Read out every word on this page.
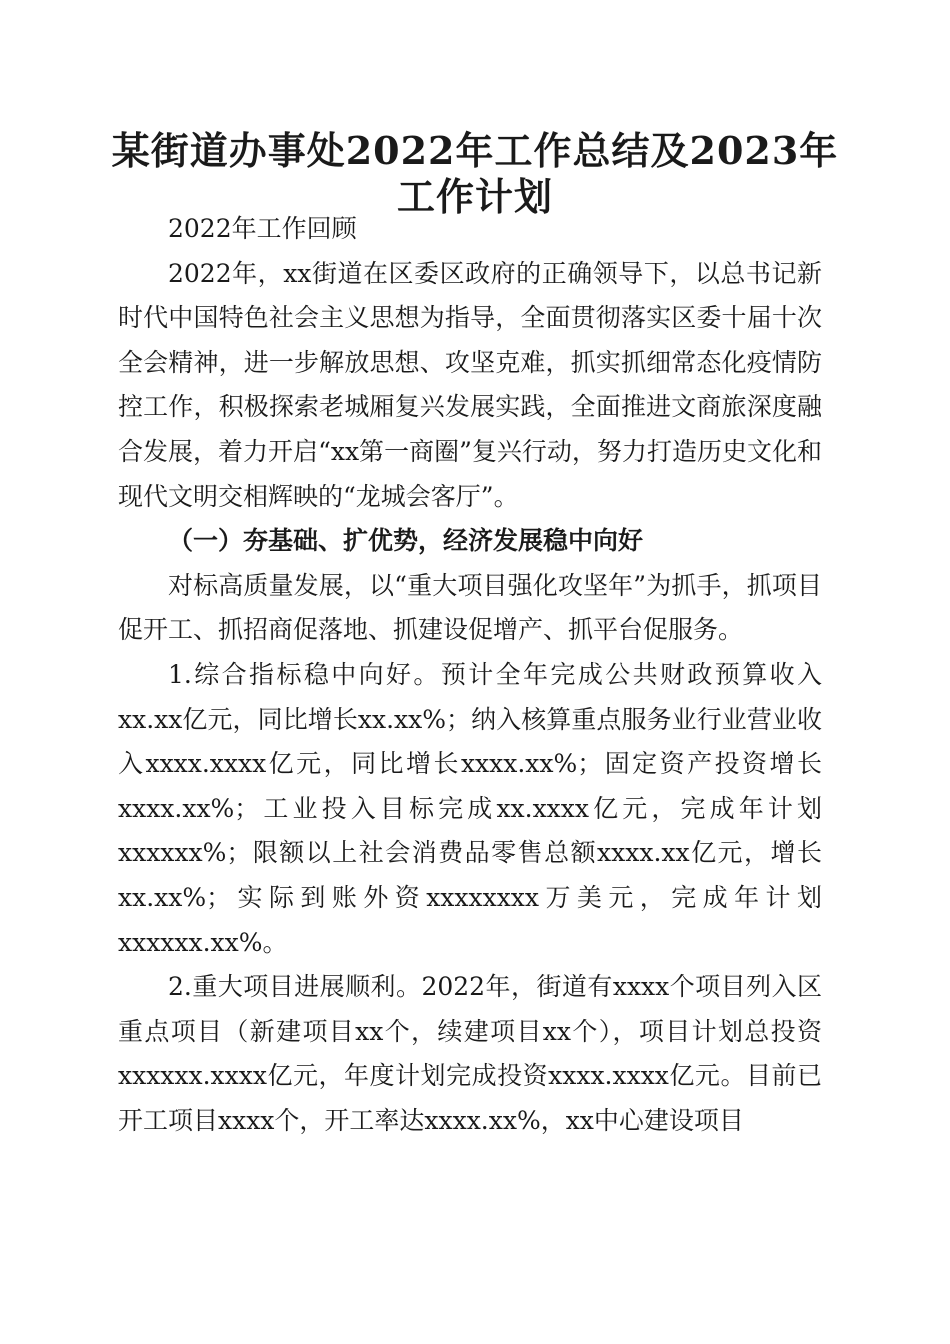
某街道办事处2022年工作总结及2023年工作计划

2022年工作回顾

2022年，xx街道在区委区政府的正确领导下，以总书记新时代中国特色社会主义思想为指导，全面贯彻落实区委十届十次全会精神，进一步解放思想、攻坚克难，抓实抓细常态化疫情防控工作，积极探索老城厢复兴发展实践，全面推进文商旅深度融合发展，着力开启“xx第一商圈”复兴行动，努力打造历史文化和现代文明交相辉映的“龙城会客厅”。

（一）夯基础、扩优势，经济发展稳中向好

对标高质量发展，以“重大项目强化攻坚年”为抓手，抓项目促开工、抓招商促落地、抓建设促增产、抓平台促服务。

1.综合指标稳中向好。预计全年完成公共财政预算收入xx.xx亿元，同比增长xx.xx%；纳入核算重点服务业行业营业收入xxxx.xxxx亿元，同比增长xxxx.xx%；固定资产投资增长xxxx.xx%；工业投入目标完成xx.xxxx亿元，完成年计划xxxxxx%；限额以上社会消费品零售总额xxxx.xx亿元，增长xx.xx%；实际到账外资xxxxxxxx万美元，完成年计划xxxxxx.xx%。

2.重大项目进展顺利。2022年，街道有xxxx个项目列入区重点项目（新建项目xx个，续建项目xx个），项目计划总投资xxxxxx.xxxx亿元，年度计划完成投资xxxx.xxxx亿元。目前已开工项目xxxx个，开工率达xxxx.xx%，xx中心建设项目
